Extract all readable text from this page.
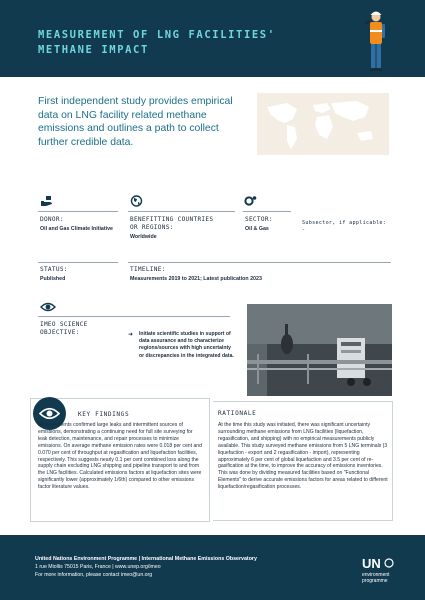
MEASUREMENT OF LNG FACILITIES'
METHANE IMPACT
First independent study provides empirical data on LNG facility related methane emissions and outlines a path to collect further credible data.
DONOR:
Oil and Gas Climate Initiative
BENEFITTING COUNTRIES
OR REGIONS:
Worldwide
SECTOR:
Oil & Gas
Subsector, if applicable:
-
STATUS:
Published
TIMELINE:
Measurements 2019 to 2021; Latest publication 2023
IMEO SCIENCE
OBJECTIVE:	➜ Initiate scientific studies in support of data assurance and to characterize regions/sources with high uncertainty or discrepancies in the integrated data.
KEY FINDINGS
Measurements confirmed large leaks and intermittent sources of emissions, demonstrating a continuing need for full site surveying for leak detection, maintenance, and repair processes to minimize emissions. On average methane emission rates were 0.018 per cent and 0.070 per cent of throughput at regasification and liquefaction facilities, respectively. This suggests nearly 0.1 per cent combined loss along the supply chain excluding LNG shipping and pipeline transport to and from the LNG facilities. Calculated emissions factors at liquefaction sites were significantly lower (approximately 1/6th) compared to other emissions factor literature values.
RATIONALE
At the time this study was initiated, there was significant uncertainty surrounding methane emissions from LNG facilities (liquefaction, regasification, and shipping) with no empirical measurements publicly available. This study surveyed methane emissions from 5 LNG terminals (3 liquefaction - export and 2 regasification - import), representing approximately 6 per cent of global liquefaction and 3.5 per cent of re-gasification at the time, to improve the accuracy of emissions inventories. This was done by dividing measured facilities based on "Functional Elements" to derive accurate emissions factors for areas related to different liquefaction/regasification processes.
United Nations Environment Programme | International Methane Emissions Observatory
1 rue Miollis 75015 Paris, France | www.unep.org/imeo
For more information, please contact imeo@un.org
UN
environment
programme
